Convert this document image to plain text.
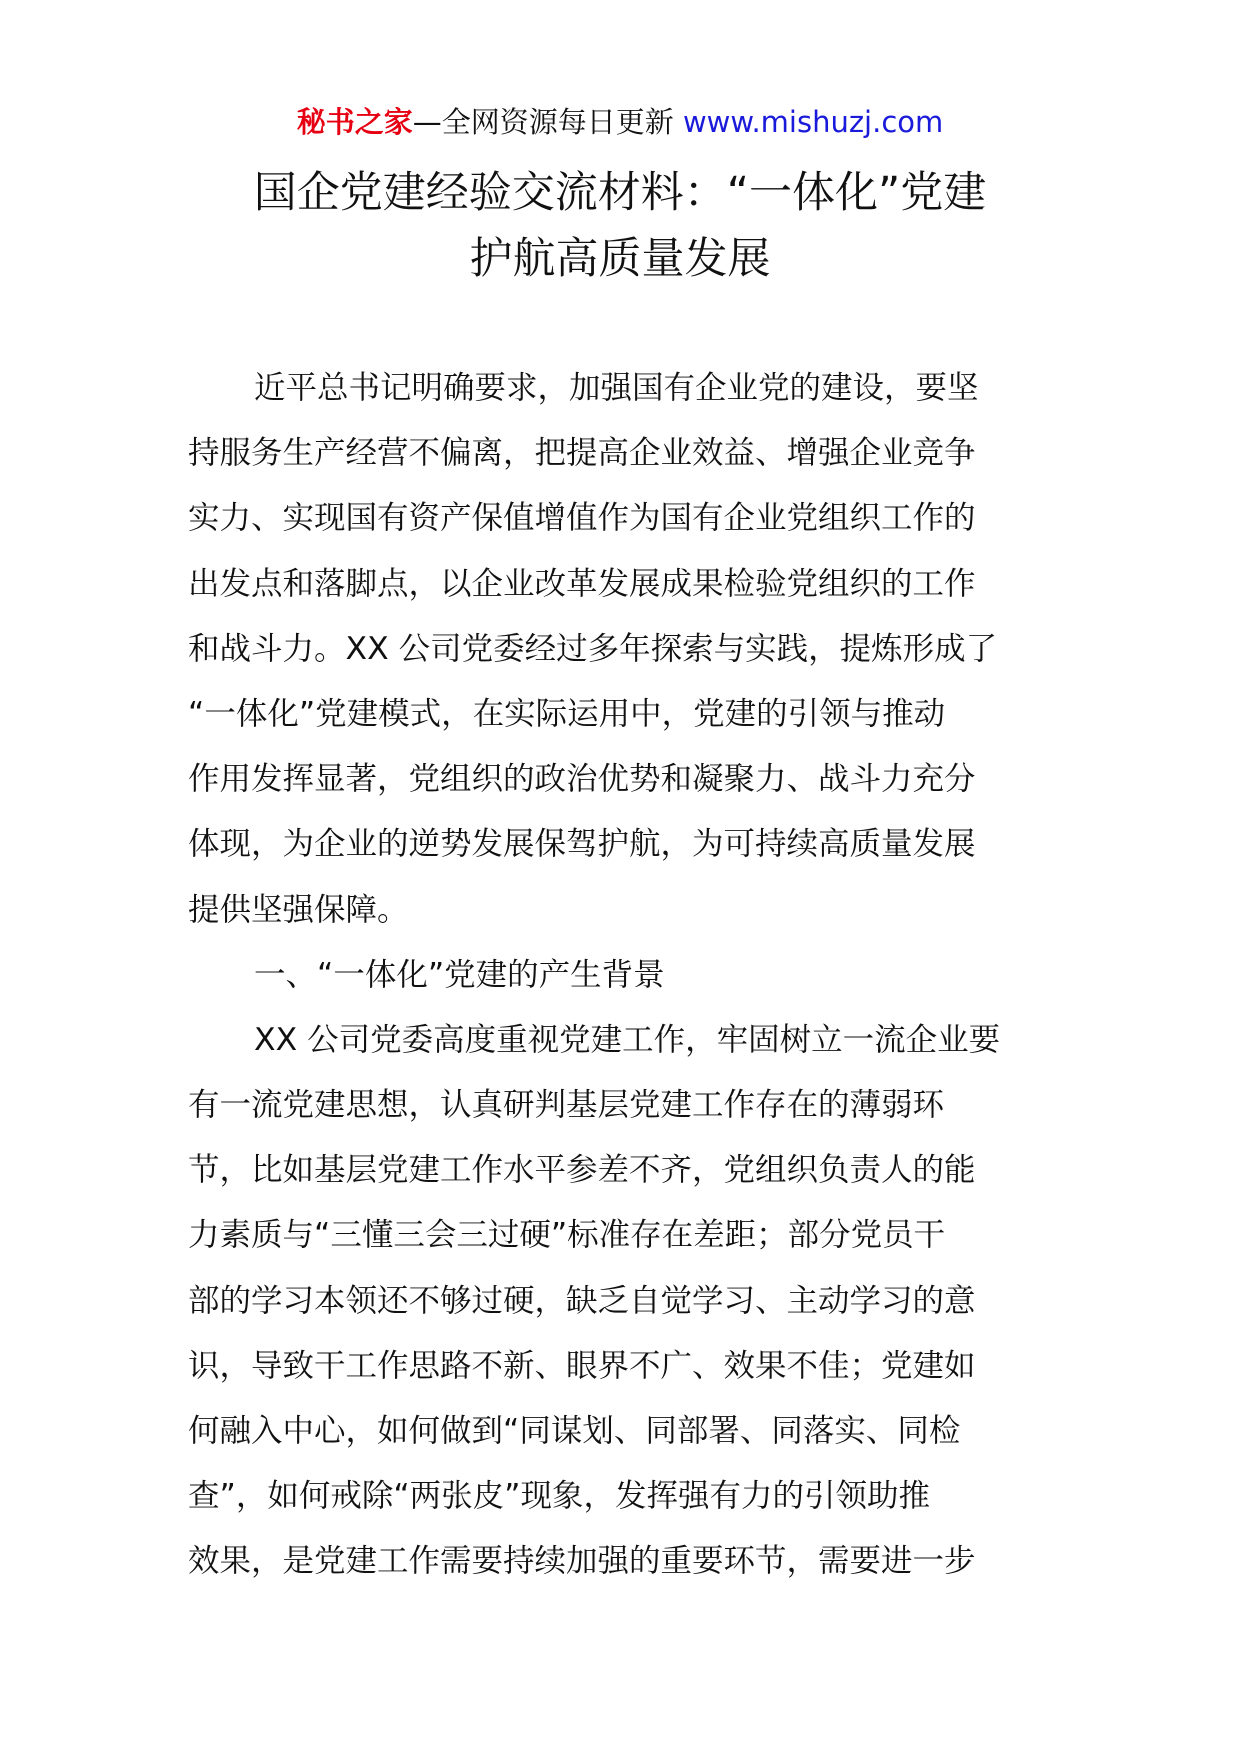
秘书之家—全网资源每日更新 www.mishuzj.com
国企党建经验交流材料：“一体化”党建
护航高质量发展
近平总书记明确要求，加强国有企业党的建设，要坚
持服务生产经营不偏离，把提高企业效益、增强企业竞争
实力、实现国有资产保值增值作为国有企业党组织工作的
出发点和落脚点，以企业改革发展成果检验党组织的工作
和战斗力。XX 公司党委经过多年探索与实践，提炼形成了
“一体化”党建模式，在实际运用中，党建的引领与推动
作用发挥显著，党组织的政治优势和凝聚力、战斗力充分
体现，为企业的逆势发展保驾护航，为可持续高质量发展
提供坚强保障。
一、“一体化”党建的产生背景
XX 公司党委高度重视党建工作，牢固树立一流企业要
有一流党建思想，认真研判基层党建工作存在的薄弱环
节，比如基层党建工作水平参差不齐，党组织负责人的能
力素质与“三懂三会三过硬”标准存在差距；部分党员干
部的学习本领还不够过硬，缺乏自觉学习、主动学习的意
识，导致干工作思路不新、眼界不广、效果不佳；党建如
何融入中心，如何做到“同谋划、同部署、同落实、同检
查”，如何戒除“两张皮”现象，发挥强有力的引领助推
效果，是党建工作需要持续加强的重要环节，需要进一步
